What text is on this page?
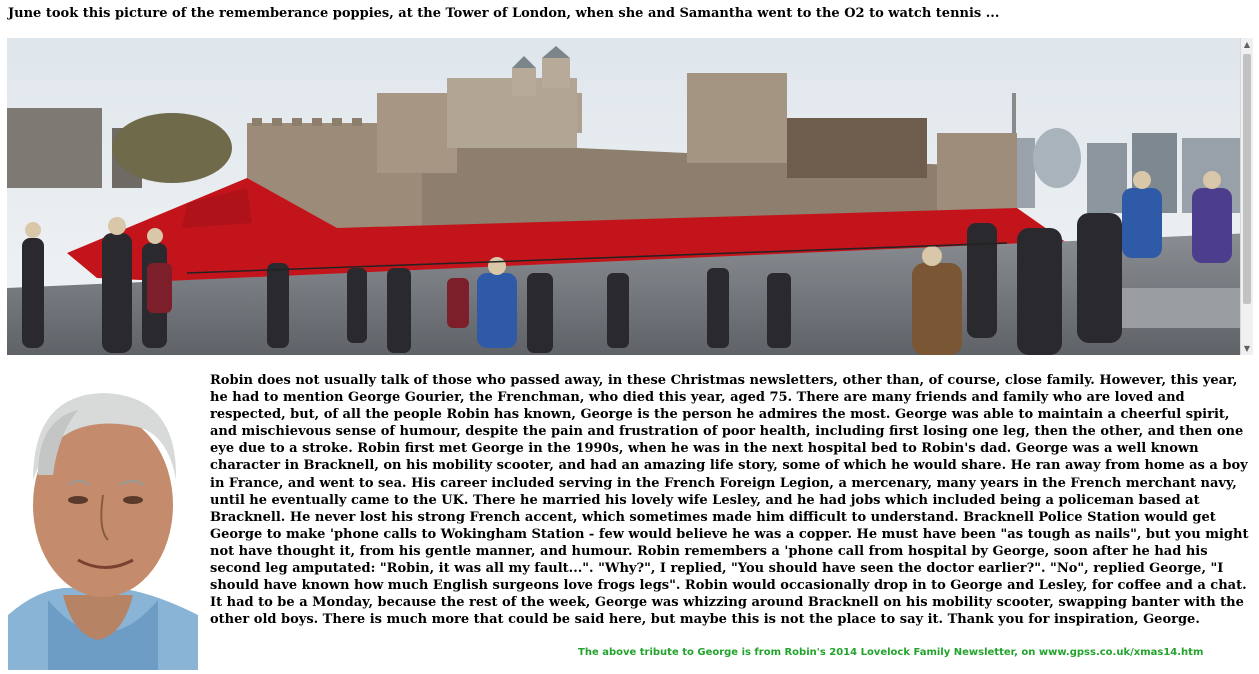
June took this picture of the rememberance poppies, at the Tower of London, when she and Samantha went to the O2 to watch tennis ...
▲
▼
Robin does not usually talk of those who passed away, in these Christmas newsletters, other than, of course, close family. However, this year, he had to mention George Gourier, the Frenchman, who died this year, aged 75. There are many friends and family who are loved and respected, but, of all the people Robin has known, George is the person he admires the most. George was able to maintain a cheerful spirit, and mischievous sense of humour, despite the pain and frustration of poor health, including first losing one leg, then the other, and then one eye due to a stroke. Robin first met George in the 1990s, when he was in the next hospital bed to Robin's dad. George was a well known character in Bracknell, on his mobility scooter, and had an amazing life story, some of which he would share. He ran away from home as a boy in France, and went to sea. His career included serving in the French Foreign Legion, a mercenary, many years in the French merchant navy, until he eventually came to the UK. There he married his lovely wife Lesley, and he had jobs which included being a policeman based at Bracknell. He never lost his strong French accent, which sometimes made him difficult to understand. Bracknell Police Station would get George to make 'phone calls to Wokingham Station - few would believe he was a copper. He must have been "as tough as nails", but you might not have thought it, from his gentle manner, and humour. Robin remembers a 'phone call from hospital by George, soon after he had his second leg amputated: "Robin, it was all my fault...". "Why?", I replied, "You should have seen the doctor earlier?". "No", replied George, "I should have known how much English surgeons love frogs legs". Robin would occasionally drop in to George and Lesley, for coffee and a chat. It had to be a Monday, because the rest of the week, George was whizzing around Bracknell on his mobility scooter, swapping banter with the other old boys. There is much more that could be said here, but maybe this is not the place to say it. Thank you for inspiration, George.
The above tribute to George is from Robin's 2014 Lovelock Family Newsletter, on www.gpss.co.uk/xmas14.htm
